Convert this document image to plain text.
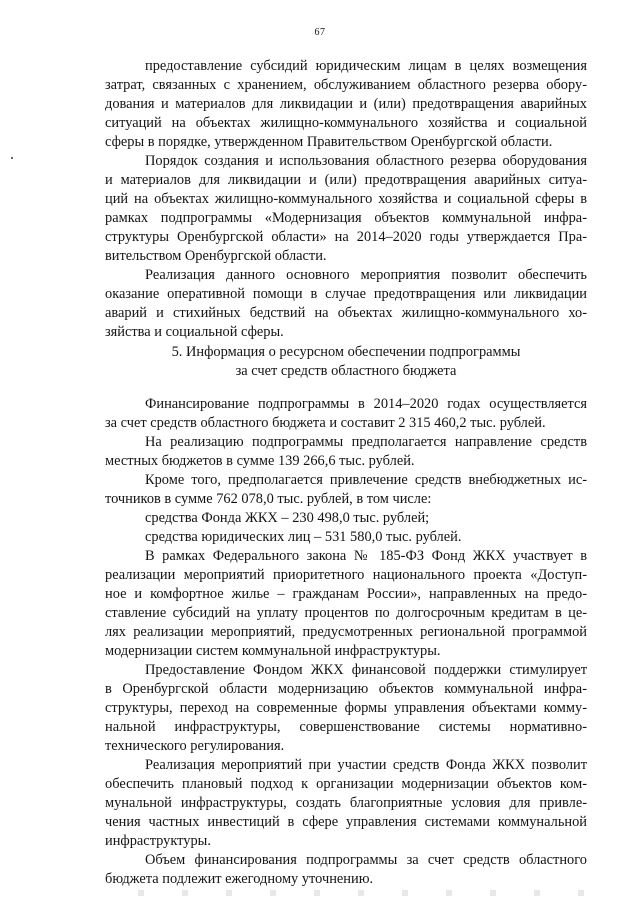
67
предоставление субсидий юридическим лицам в целях возмещения
затрат, связанных с хранением, обслуживанием областного резерва обору-
дования и материалов для ликвидации и (или) предотвращения аварийных
ситуаций на объектах жилищно-коммунального хозяйства и социальной
сферы в порядке, утвержденном Правительством Оренбургской области.
Порядок создания и использования областного резерва оборудования
и материалов для ликвидации и (или) предотвращения аварийных ситуа-
ций на объектах жилищно-коммунального хозяйства и социальной сферы в
рамках подпрограммы «Модернизация объектов коммунальной инфра-
структуры Оренбургской области» на 2014–2020 годы утверждается Пра-
вительством Оренбургской области.
Реализация данного основного мероприятия позволит обеспечить
оказание оперативной помощи в случае предотвращения или ликвидации
аварий и стихийных бедствий на объектах жилищно-коммунального хо-
зяйства и социальной сферы.
5. Информация о ресурсном обеспечении подпрограммы
за счет средств областного бюджета
Финансирование подпрограммы в 2014–2020 годах осуществляется
за счет средств областного бюджета и составит 2 315 460,2 тыс. рублей.
На реализацию подпрограммы предполагается направление средств
местных бюджетов в сумме 139 266,6 тыс. рублей.
Кроме того, предполагается привлечение средств внебюджетных ис-
точников в сумме 762 078,0 тыс. рублей, в том числе:
средства Фонда ЖКХ – 230 498,0 тыс. рублей;
средства юридических лиц – 531 580,0 тыс. рублей.
В рамках Федерального закона № 185-ФЗ Фонд ЖКХ участвует в
реализации мероприятий приоритетного национального проекта «Доступ-
ное и комфортное жилье – гражданам России», направленных на предо-
ставление субсидий на уплату процентов по долгосрочным кредитам в це-
лях реализации мероприятий, предусмотренных региональной программой
модернизации систем коммунальной инфраструктуры.
Предоставление Фондом ЖКХ финансовой поддержки стимулирует
в Оренбургской области модернизацию объектов коммунальной инфра-
структуры, переход на современные формы управления объектами комму-
нальной инфраструктуры, совершенствование системы нормативно-
технического регулирования.
Реализация мероприятий при участии средств Фонда ЖКХ позволит
обеспечить плановый подход к организации модернизации объектов ком-
мунальной инфраструктуры, создать благоприятные условия для привле-
чения частных инвестиций в сфере управления системами коммунальной
инфраструктуры.
Объем финансирования подпрограммы за счет средств областного
бюджета подлежит ежегодному уточнению.
